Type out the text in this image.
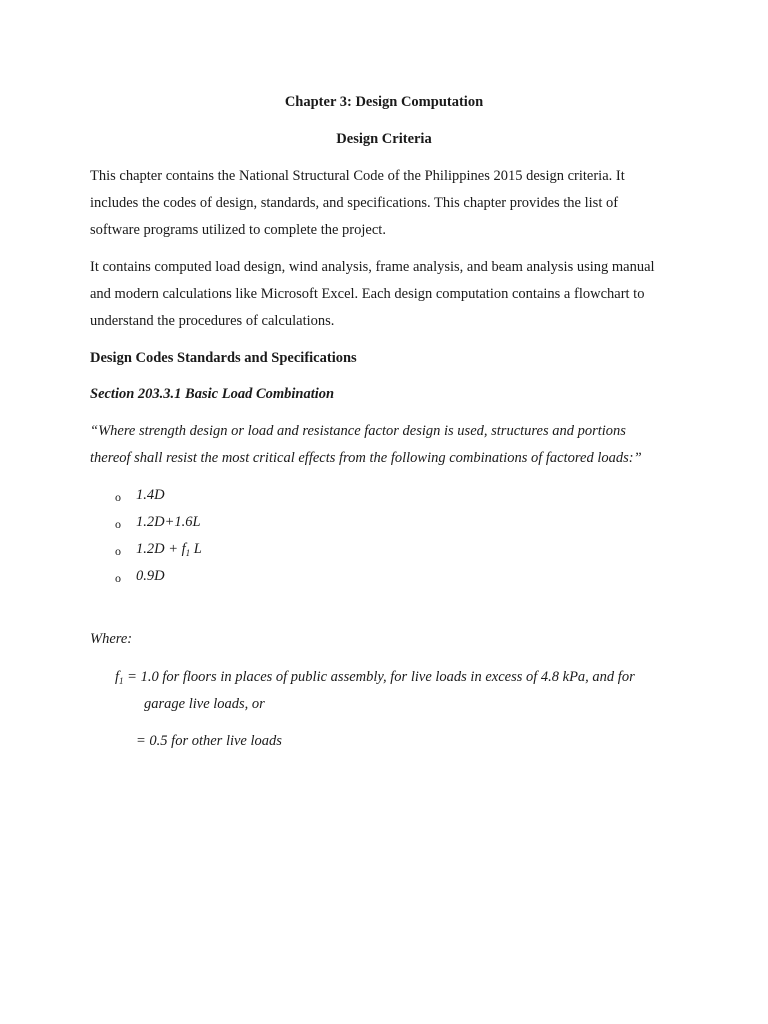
Chapter 3: Design Computation
Design Criteria
This chapter contains the National Structural Code of the Philippines 2015 design criteria. It
includes the codes of design, standards, and specifications. This chapter provides the list of
software programs utilized to complete the project.
It contains computed load design, wind analysis, frame analysis, and beam analysis using manual
and modern calculations like Microsoft Excel. Each design computation contains a flowchart to
understand the procedures of calculations.
Design Codes Standards and Specifications
Section 203.3.1 Basic Load Combination
“Where strength design or load and resistance factor design is used, structures and portions
thereof shall resist the most critical effects from the following combinations of factored loads:”
o 1.4D
o 1.2D+1.6L
o $1.2D + f_1$ L
o 0.9D
Where:
$f_1 = 1.0$ for floors in places of public assembly, for live loads in excess of 4.8 kPa, and for
garage live loads, or
= 0.5 for other live loads
